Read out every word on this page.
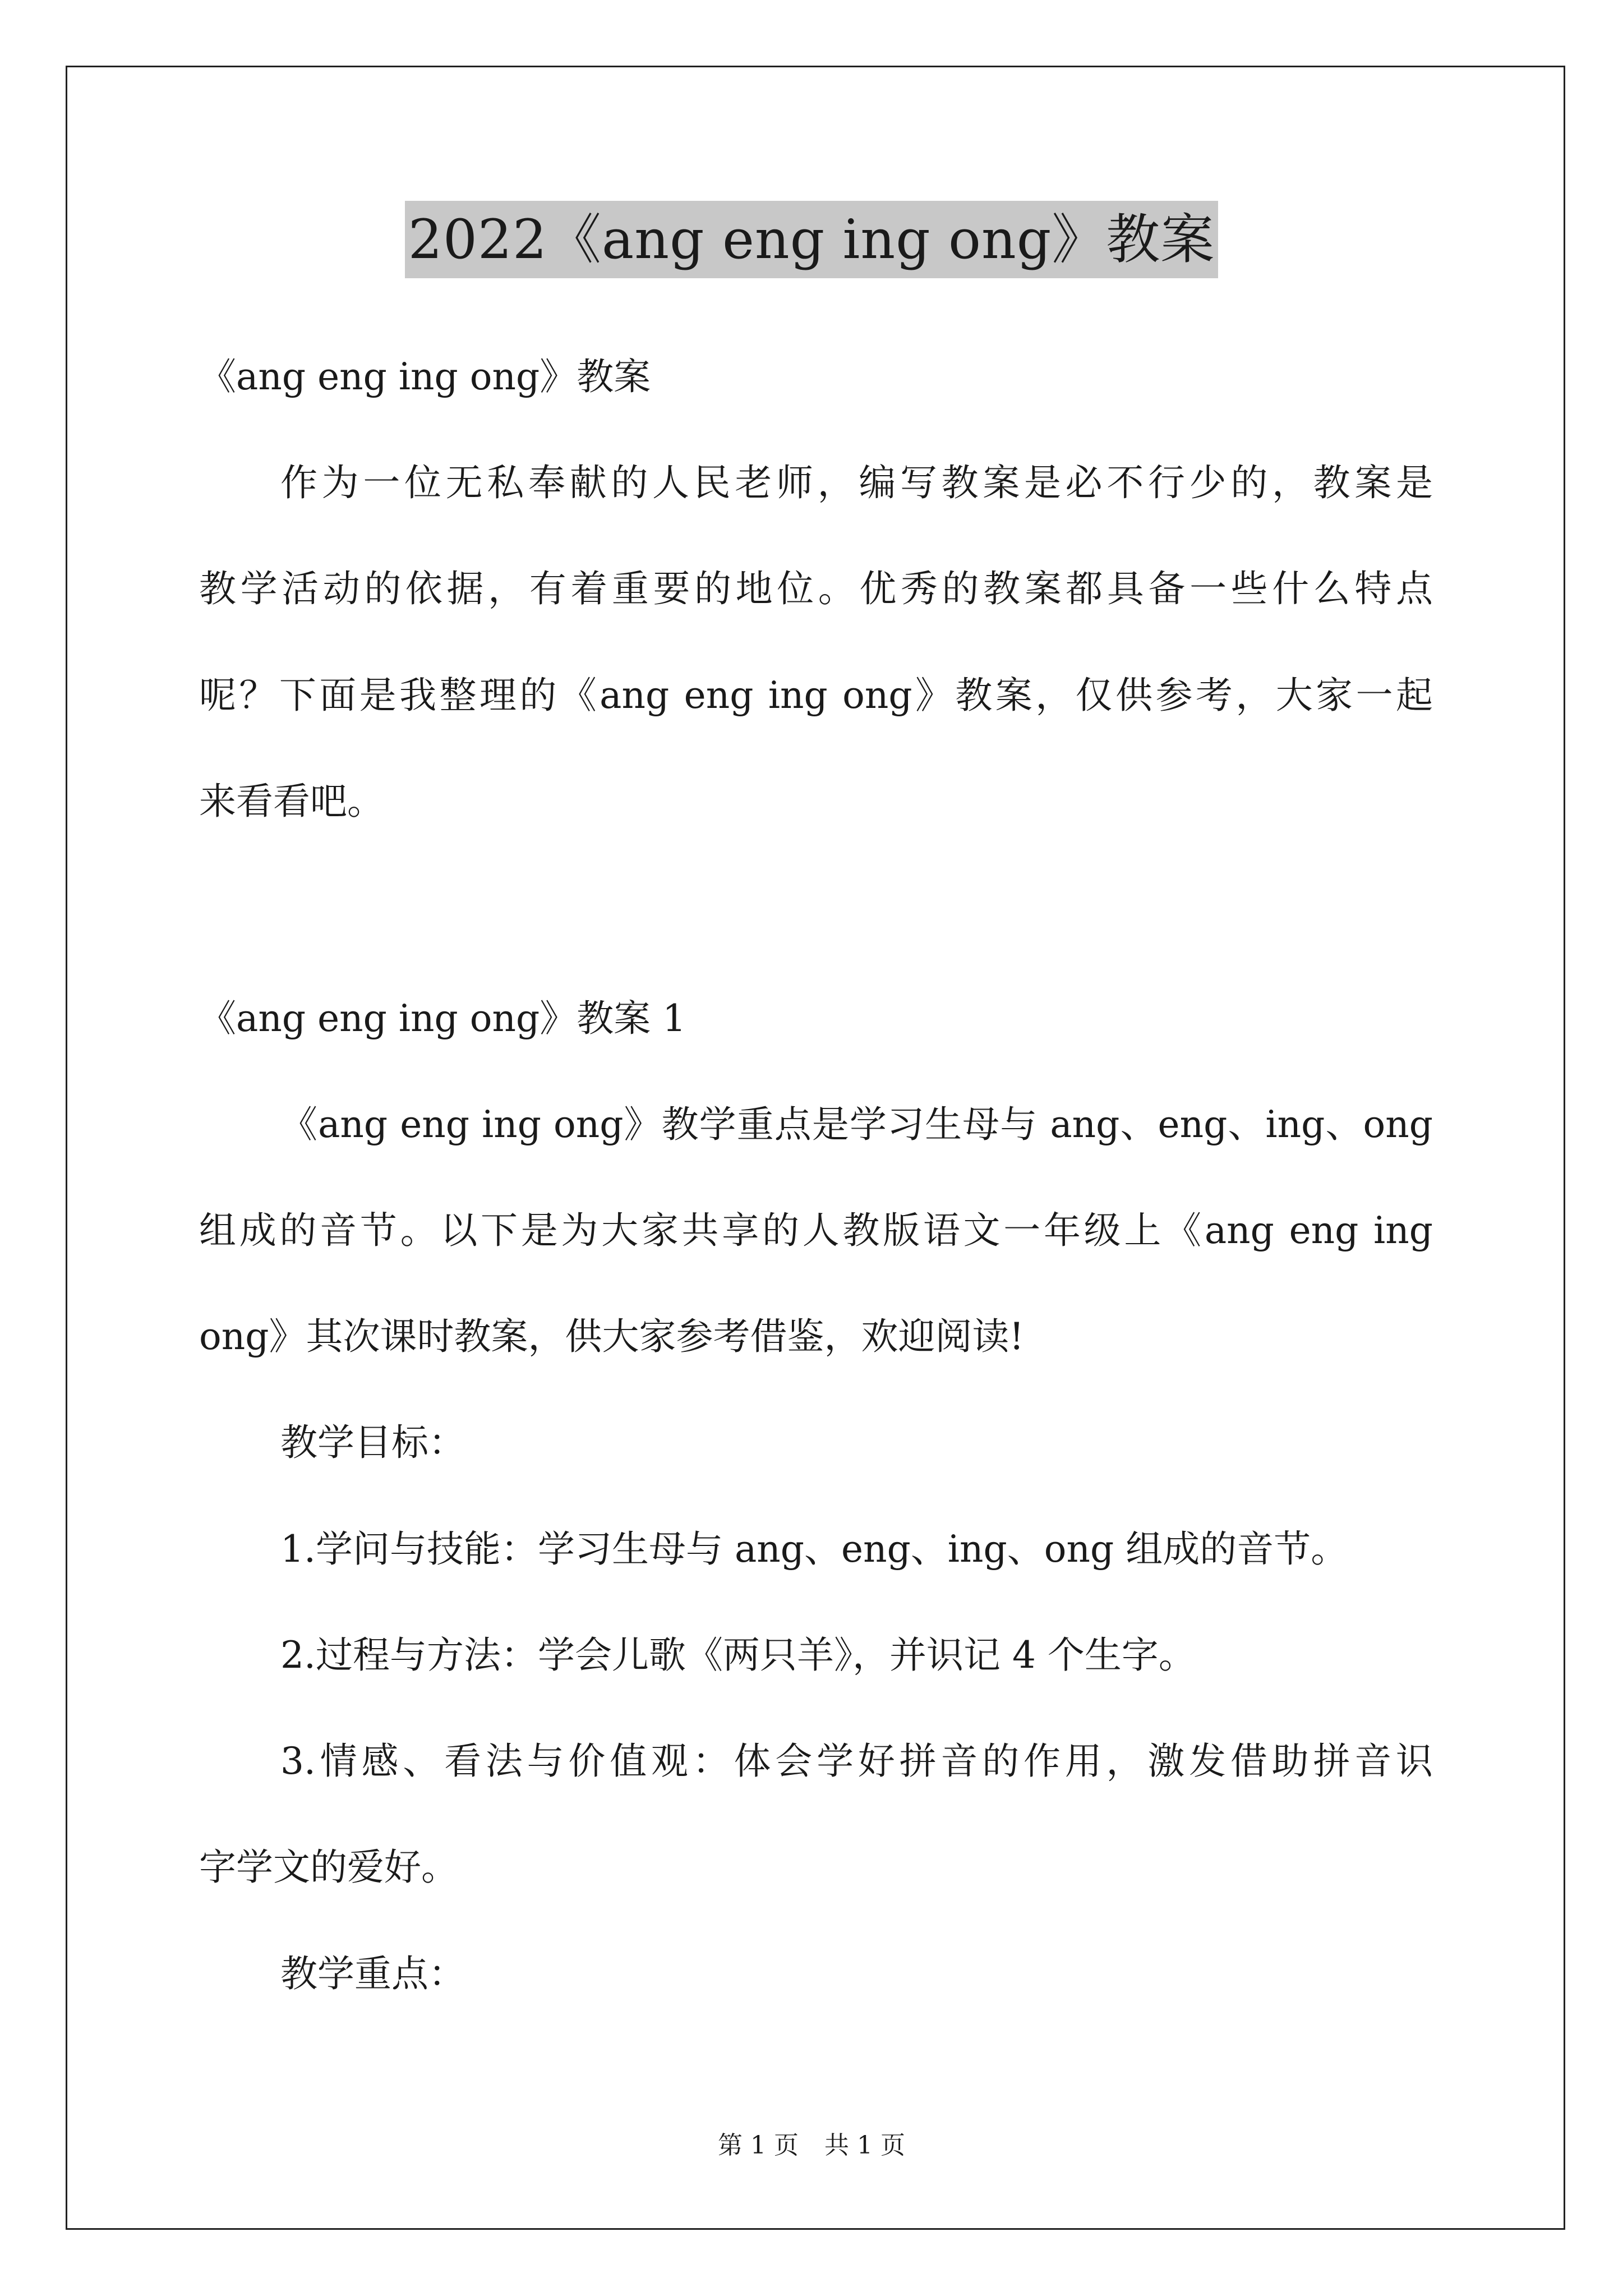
2022《ang eng ing ong》教案
《ang eng ing ong》教案
作为一位无私奉献的人民老师，编写教案是必不行少的，教案是
教学活动的依据，有着重要的地位。优秀的教案都具备一些什么特点
呢？下面是我整理的《ang eng ing ong》教案，仅供参考，大家一起
来看看吧。
《ang eng ing ong》教案 1
《ang eng ing ong》教学重点是学习生母与 ang、eng、ing、ong
组成的音节。以下是为大家共享的人教版语文一年级上《ang eng ing
ong》其次课时教案，供大家参考借鉴，欢迎阅读!
教学目标：
1.学问与技能：学习生母与 ang、eng、ing、ong 组成的音节。
2.过程与方法：学会儿歌《两只羊》，并识记 4 个生字。
3.情感、看法与价值观：体会学好拼音的作用，激发借助拼音识
字学文的爱好。
教学重点：
第 1 页 共 1 页
